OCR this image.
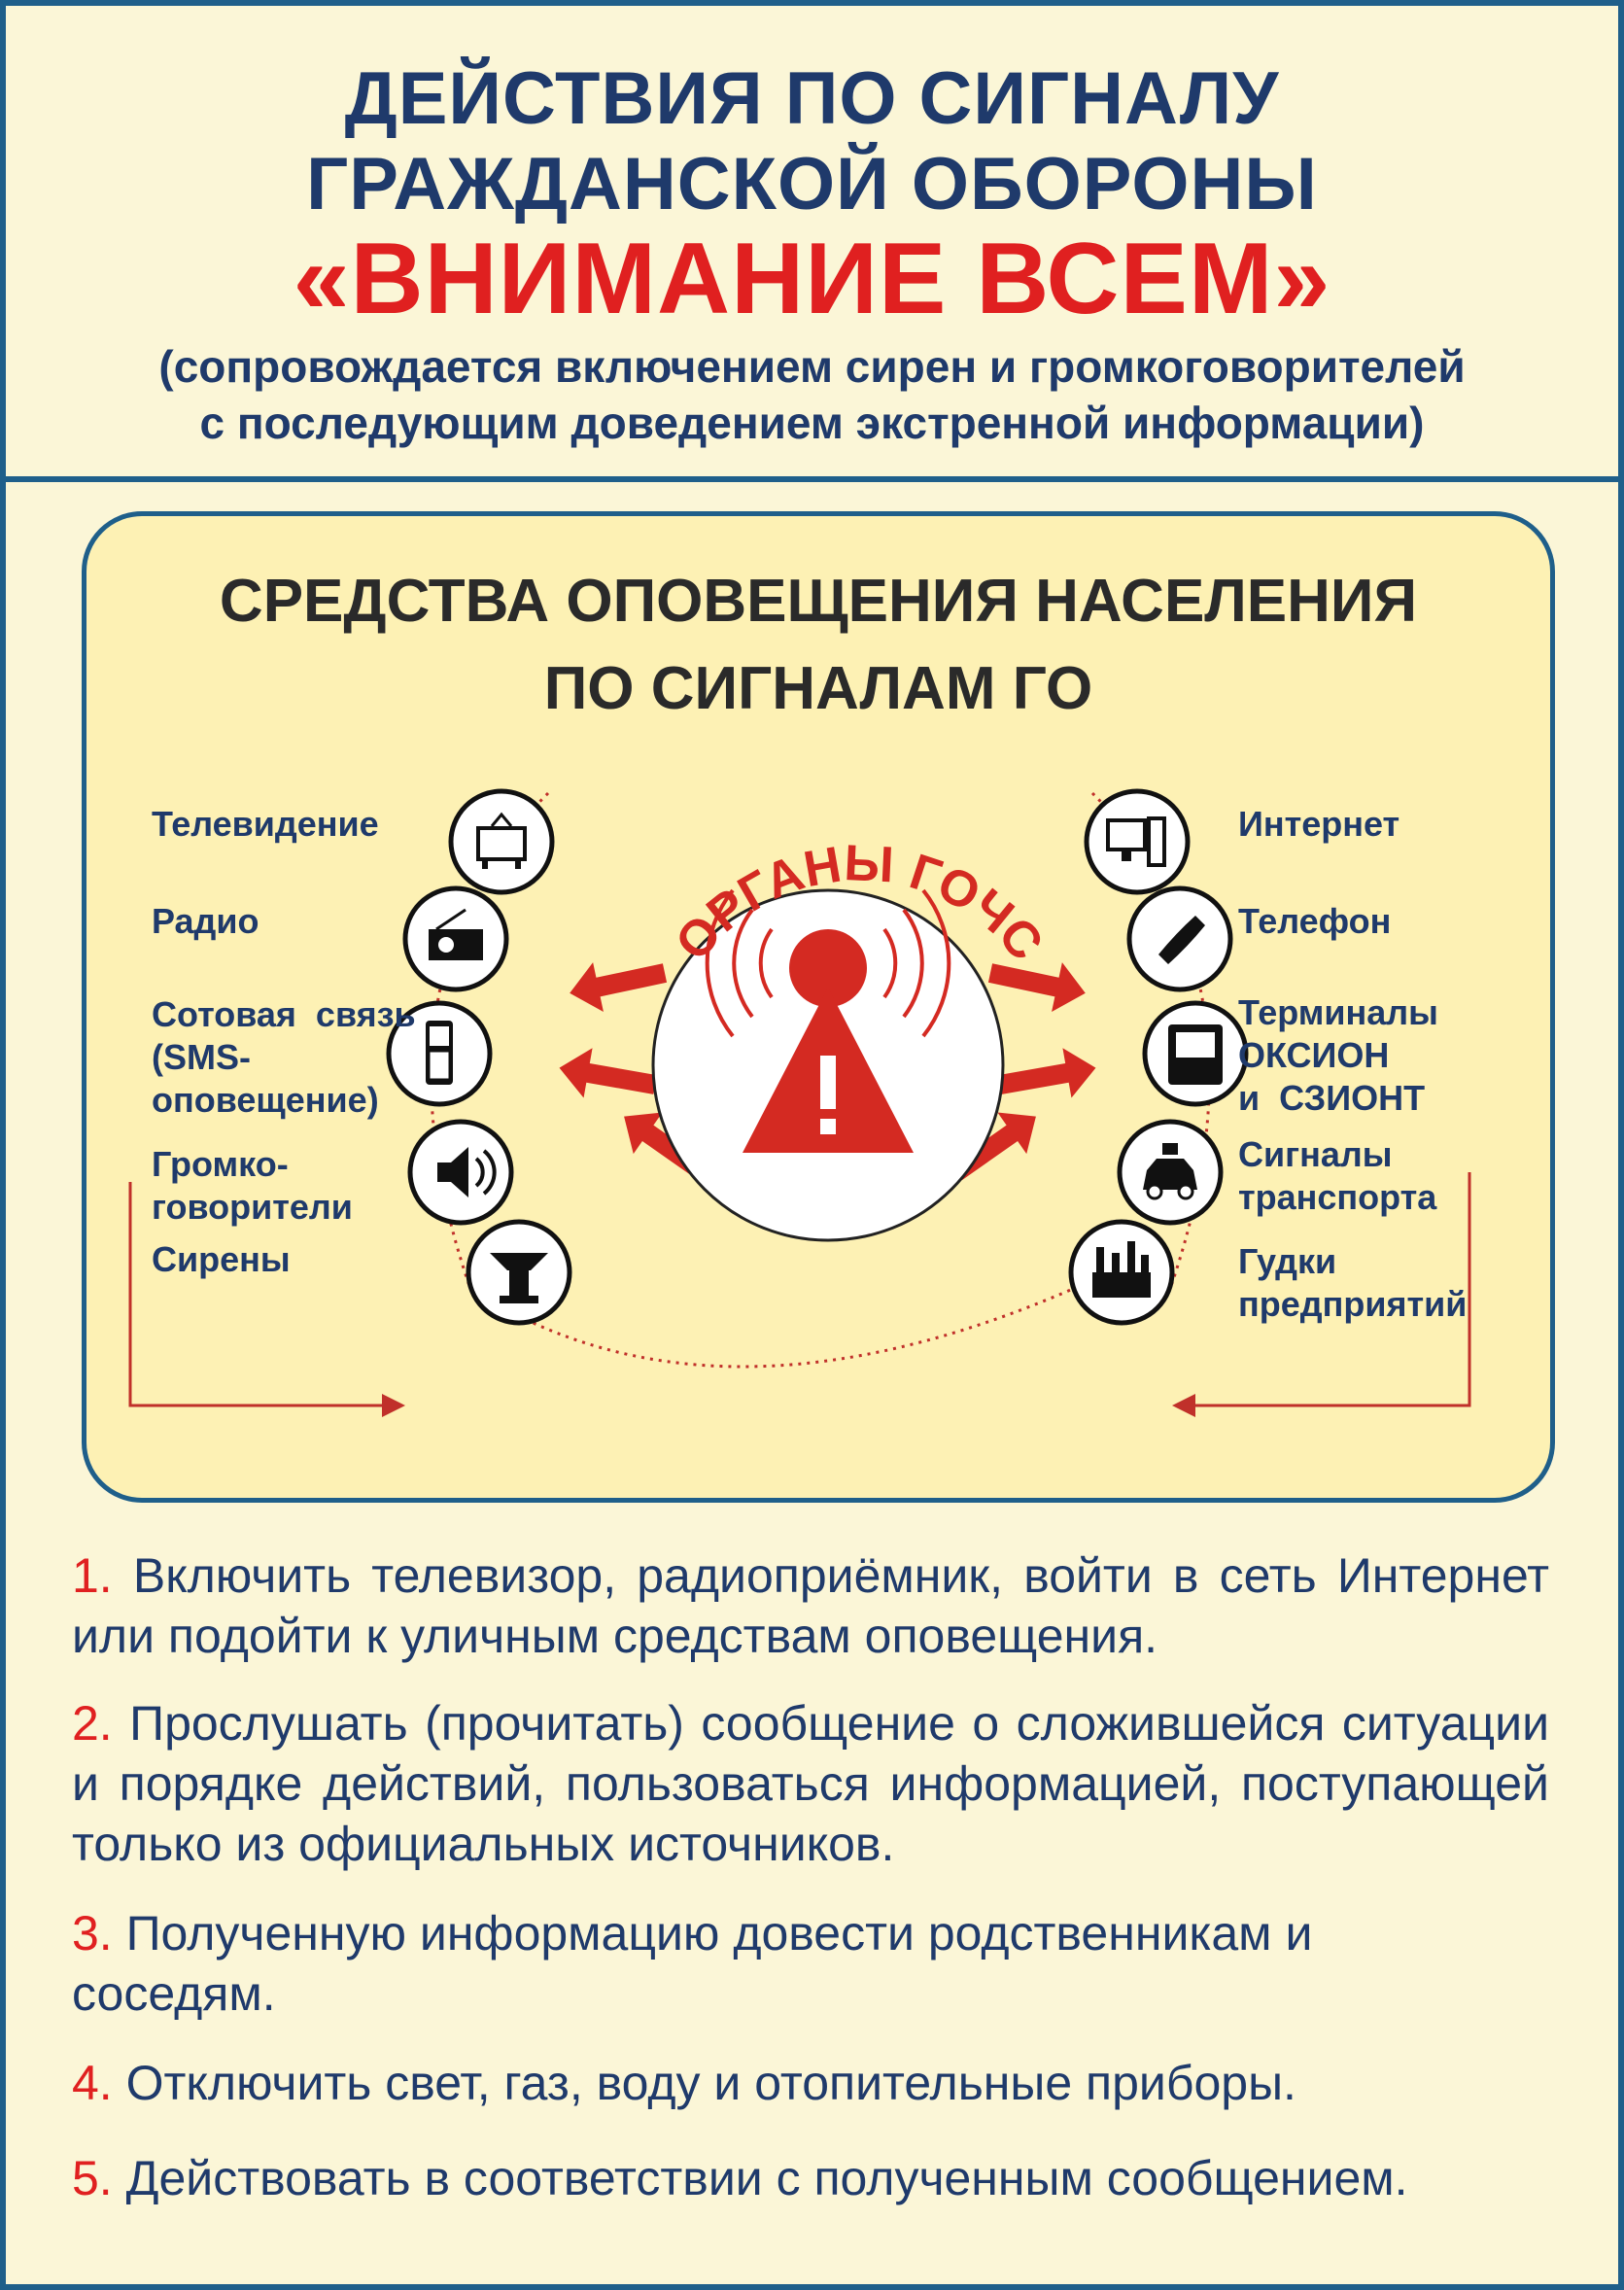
ДЕЙСТВИЯ ПО СИГНАЛУ
ГРАЖДАНСКОЙ ОБОРОНЫ
«ВНИМАНИЕ ВСЕМ»
(сопровождается включением сирен и громкоговорителей
с последующим доведением экстренной информации)
СРЕДСТВА ОПОВЕЩЕНИЯ НАСЕЛЕНИЯ
ПО СИГНАЛАМ ГО
ОРГАНЫ ГОЧС
Телевидение
Радио
Сотовая  связь
(SMS-
оповещение)
Громко-
говорители
Сирены
Интернет
Телефон
Терминалы
ОКСИОН
и  СЗИОНТ
Сигналы
транспорта
Гудки
предприятий
1. Включить телевизор, радиоприёмник, войти в сеть Интернет или подойти к уличным средствам оповещения.
2. Прослушать (прочитать) сообщение о сложившейся ситуации и порядке действий, пользоваться информацией, поступающей только из официальных источников.
3. Полученную информацию довести родственникам и соседям.
4. Отключить свет, газ, воду и отопительные приборы.
5. Действовать в соответствии с полученным сообщением.
